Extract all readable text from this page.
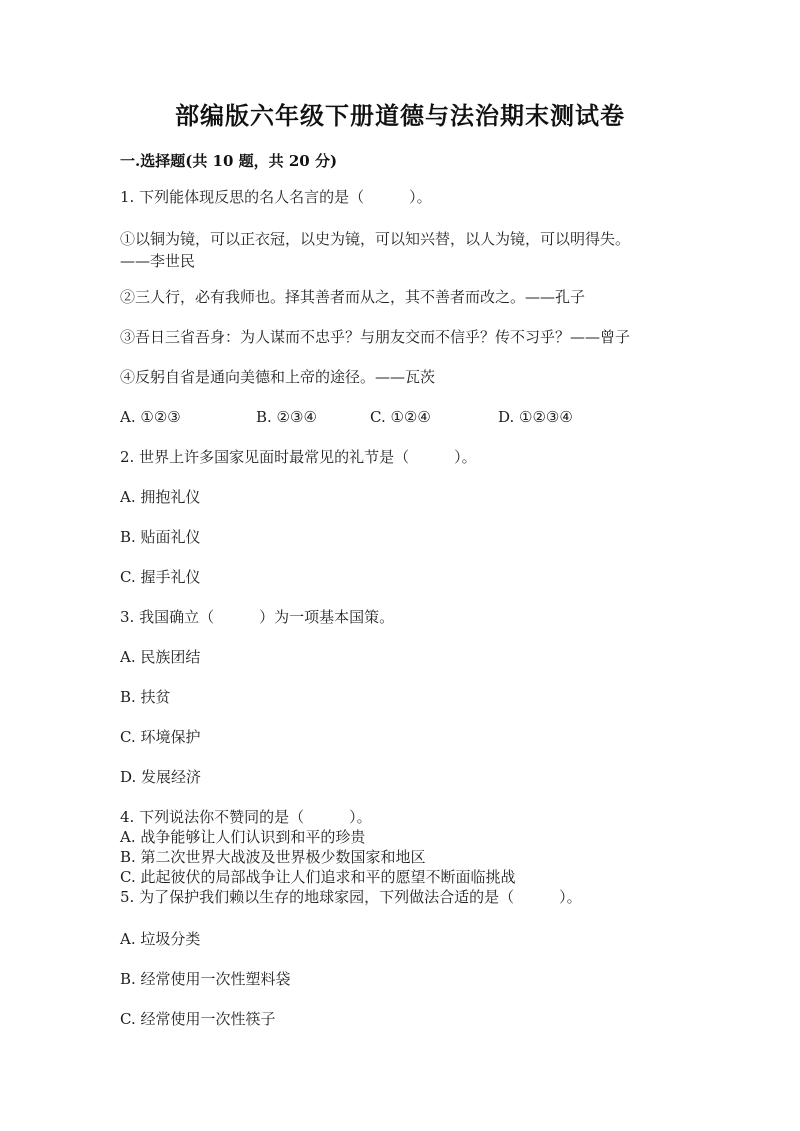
部编版六年级下册道德与法治期末测试卷
一.选择题(共 10 题，共 20 分)
1. 下列能体现反思的名人名言的是（　　　）。
①以铜为镜，可以正衣冠，以史为镜，可以知兴替，以人为镜，可以明得失。
——李世民
②三人行，必有我师也。择其善者而从之，其不善者而改之。——孔子
③吾日三省吾身：为人谋而不忠乎？与朋友交而不信乎？传不习乎？——曾子
④反躬自省是通向美德和上帝的途径。——瓦茨
A. ①②③	B. ②③④	C. ①②④	D. ①②③④
2. 世界上许多国家见面时最常见的礼节是（　　　）。
A. 拥抱礼仪
B. 贴面礼仪
C. 握手礼仪
3. 我国确立（　　　）为一项基本国策。
A. 民族团结
B. 扶贫
C. 环境保护
D. 发展经济
4. 下列说法你不赞同的是（　　　）。
A. 战争能够让人们认识到和平的珍贵
B. 第二次世界大战波及世界极少数国家和地区
C. 此起彼伏的局部战争让人们追求和平的愿望不断面临挑战
5. 为了保护我们赖以生存的地球家园，下列做法合适的是（　　　）。
A. 垃圾分类
B. 经常使用一次性塑料袋
C. 经常使用一次性筷子
